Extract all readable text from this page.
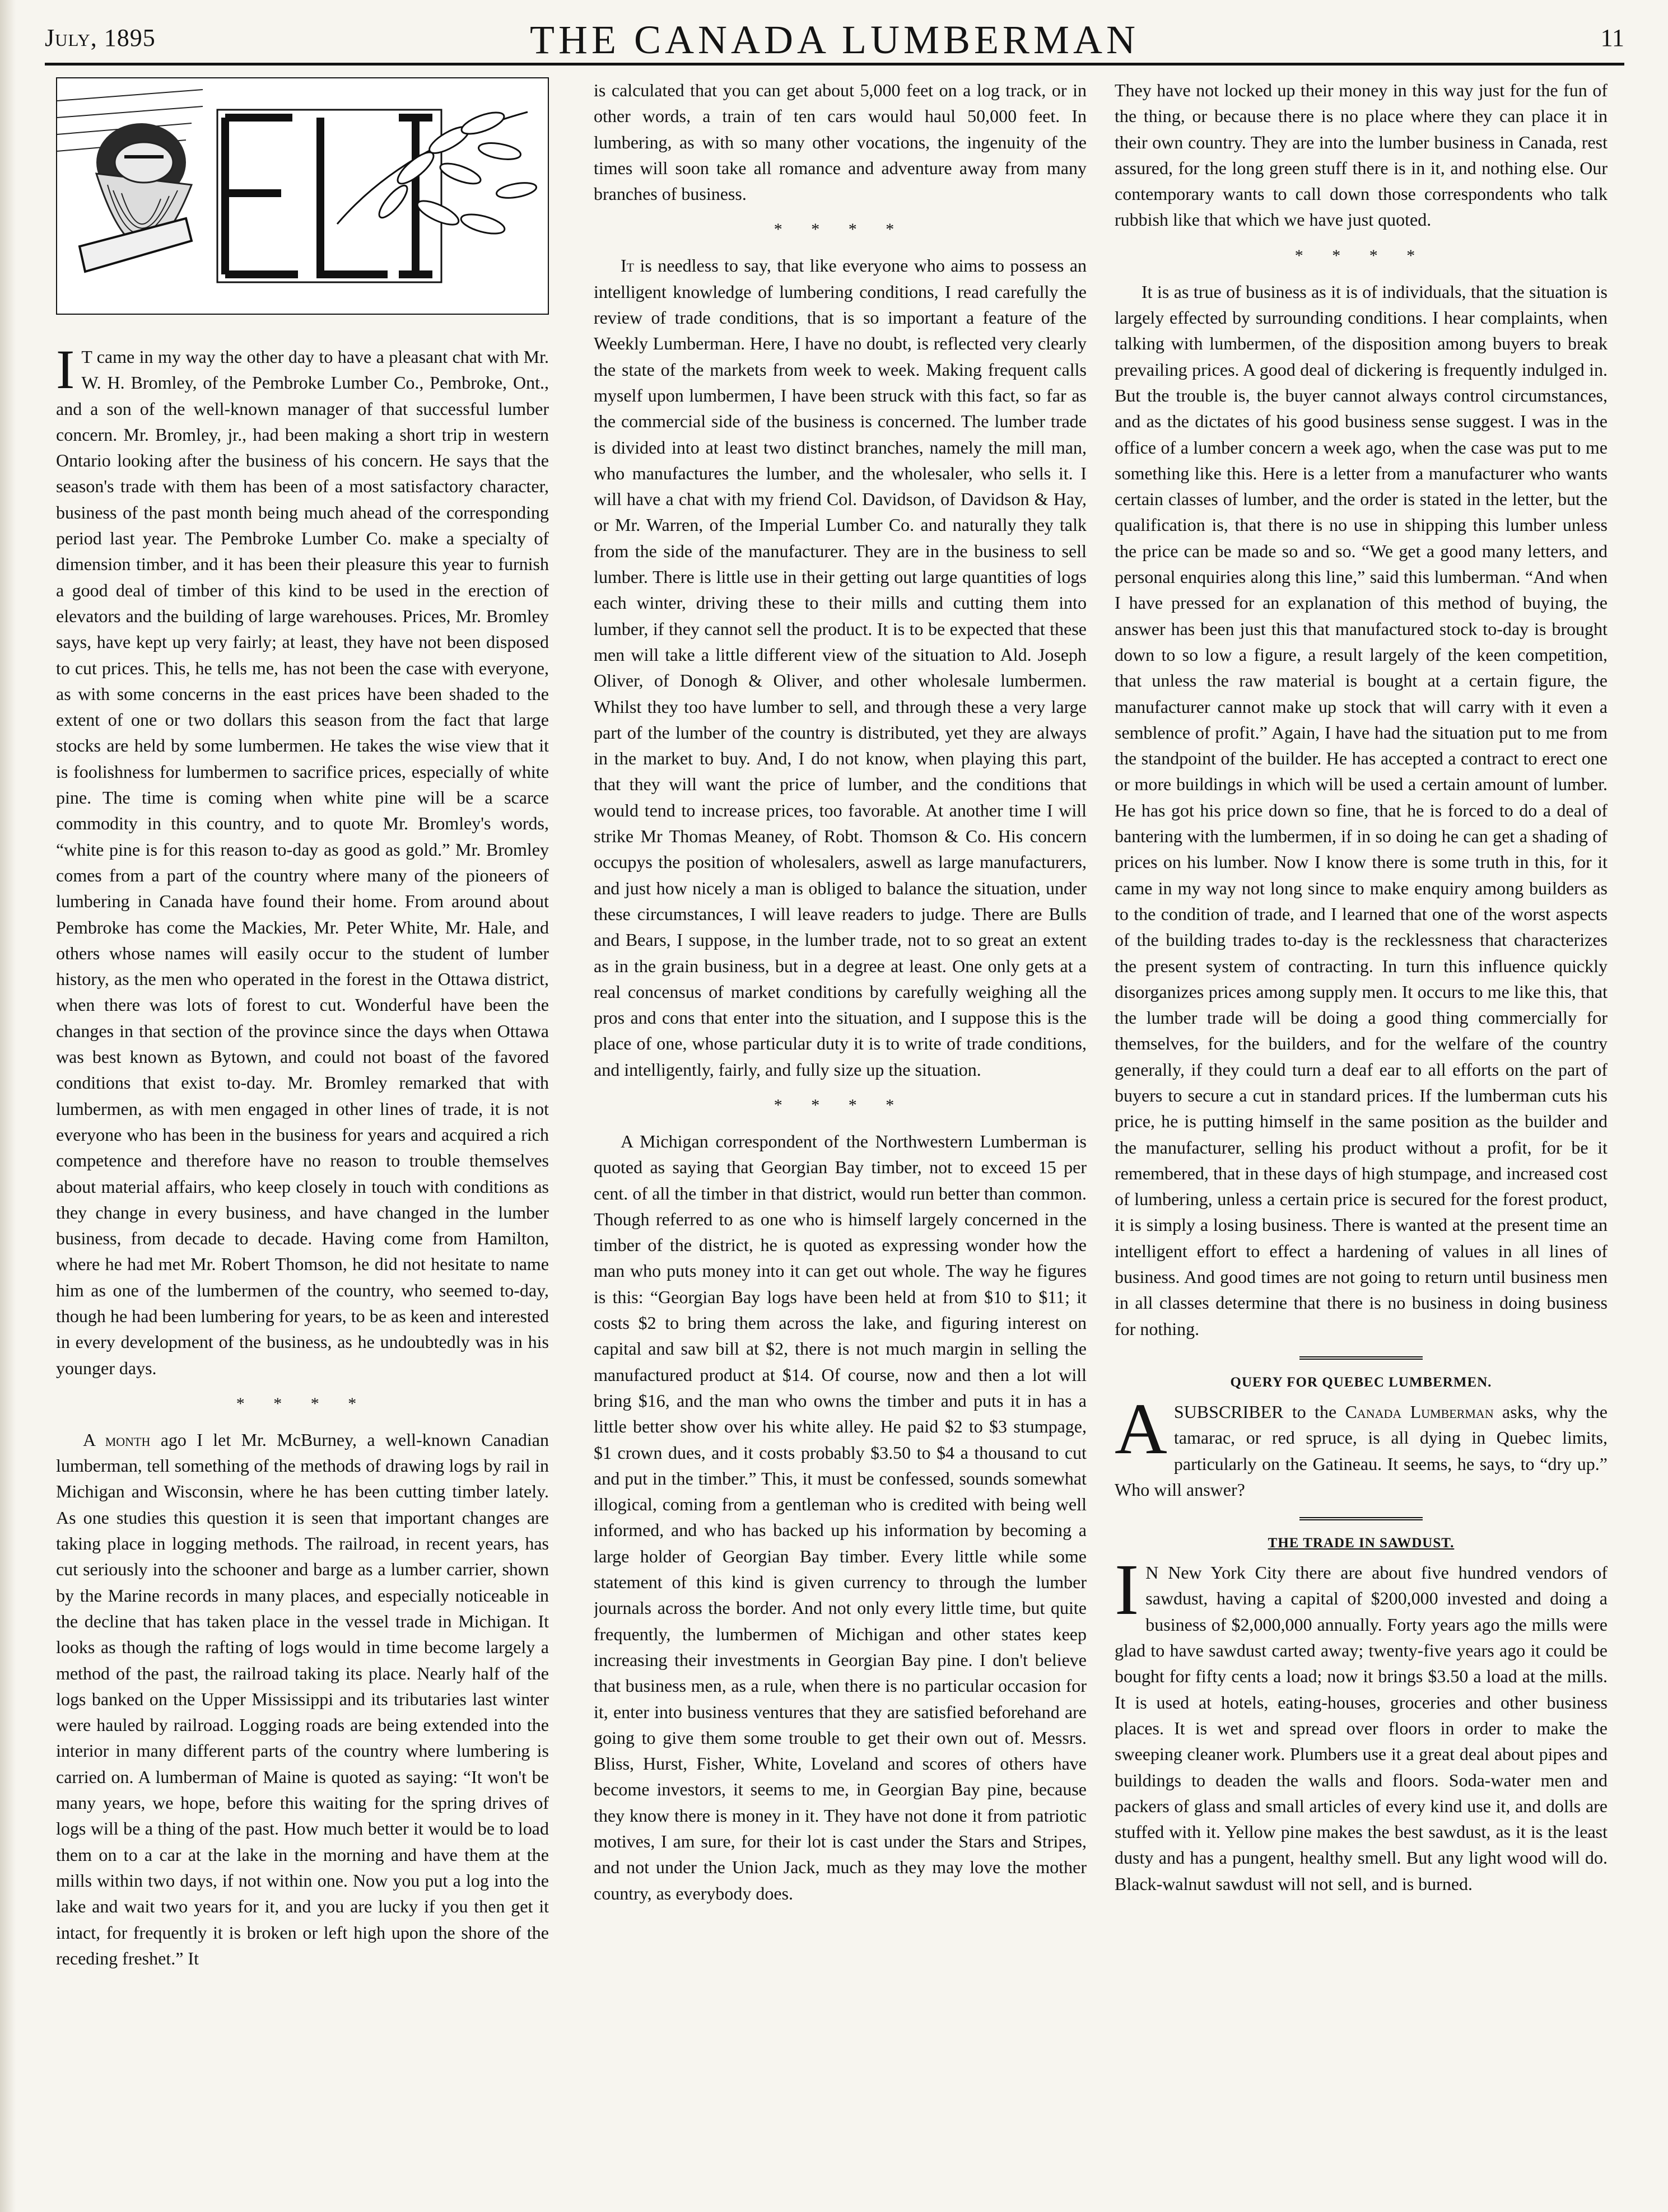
July, 1895	THE CANADA LUMBERMAN	11

I T came in my way the other day to have a pleasant chat with Mr. W. H. Bromley, of the Pembroke Lumber Co., Pembroke, Ont., and a son of the well-known manager of that successful lumber concern. Mr. Bromley, jr., had been making a short trip in western Ontario looking after the business of his concern. He says that the season's trade with them has been of a most satisfactory character, business of the past month being much ahead of the corresponding period last year. The Pembroke Lumber Co. make a specialty of dimension timber, and it has been their pleasure this year to furnish a good deal of timber of this kind to be used in the erection of elevators and the building of large warehouses. Prices, Mr. Bromley says, have kept up very fairly; at least, they have not been disposed to cut prices. This, he tells me, has not been the case with everyone, as with some concerns in the east prices have been shaded to the extent of one or two dollars this season from the fact that large stocks are held by some lumbermen. He takes the wise view that it is foolishness for lumbermen to sacrifice prices, especially of white pine. The time is coming when white pine will be a scarce commodity in this country, and to quote Mr. Bromley's words, “white pine is for this reason to-day as good as gold.” Mr. Bromley comes from a part of the country where many of the pioneers of lumbering in Canada have found their home. From around about Pembroke has come the Mackies, Mr. Peter White, Mr. Hale, and others whose names will easily occur to the student of lumber history, as the men who operated in the forest in the Ottawa district, when there was lots of forest to cut. Wonderful have been the changes in that section of the province since the days when Ottawa was best known as Bytown, and could not boast of the favored conditions that exist to-day. Mr. Bromley remarked that with lumbermen, as with men engaged in other lines of trade, it is not everyone who has been in the business for years and acquired a rich competence and therefore have no reason to trouble themselves about material affairs, who keep closely in touch with conditions as they change in every business, and have changed in the lumber business, from decade to decade. Having come from Hamilton, where he had met Mr. Robert Thomson, he did not hesitate to name him as one of the lumbermen of the country, who seemed to-day, though he had been lumbering for years, to be as keen and interested in every development of the business, as he undoubtedly was in his younger days.

* * * *

A month ago I let Mr. McBurney, a well-known Canadian lumberman, tell something of the methods of drawing logs by rail in Michigan and Wisconsin, where he has been cutting timber lately. As one studies this question it is seen that important changes are taking place in logging methods. The railroad, in recent years, has cut seriously into the schooner and barge as a lumber carrier, shown by the Marine records in many places, and especially noticeable in the decline that has taken place in the vessel trade in Michigan. It looks as though the rafting of logs would in time become largely a method of the past, the railroad taking its place. Nearly half of the logs banked on the Upper Mississippi and its tributaries last winter were hauled by railroad. Logging roads are being extended into the interior in many different parts of the country where lumbering is carried on. A lumberman of Maine is quoted as saying: “It won't be many years, we hope, before this waiting for the spring drives of logs will be a thing of the past. How much better it would be to load them on to a car at the lake in the morning and have them at the mills within two days, if not within one. Now you put a log into the lake and wait two years for it, and you are lucky if you then get it intact, for frequently it is broken or left high upon the shore of the receding freshet.” It

is calculated that you can get about 5,000 feet on a log track, or in other words, a train of ten cars would haul 50,000 feet. In lumbering, as with so many other vocations, the ingenuity of the times will soon take all romance and adventure away from many branches of business.

* * * *

It is needless to say, that like everyone who aims to possess an intelligent knowledge of lumbering conditions, I read carefully the review of trade conditions, that is so important a feature of the Weekly Lumberman. Here, I have no doubt, is reflected very clearly the state of the markets from week to week. Making frequent calls myself upon lumbermen, I have been struck with this fact, so far as the commercial side of the business is concerned. The lumber trade is divided into at least two distinct branches, namely the mill man, who manufactures the lumber, and the wholesaler, who sells it. I will have a chat with my friend Col. Davidson, of Davidson & Hay, or Mr. Warren, of the Imperial Lumber Co. and naturally they talk from the side of the manufacturer. They are in the business to sell lumber. There is little use in their getting out large quantities of logs each winter, driving these to their mills and cutting them into lumber, if they cannot sell the product. It is to be expected that these men will take a little different view of the situation to Ald. Joseph Oliver, of Donogh & Oliver, and other wholesale lumbermen. Whilst they too have lumber to sell, and through these a very large part of the lumber of the country is distributed, yet they are always in the market to buy. And, I do not know, when playing this part, that they will want the price of lumber, and the conditions that would tend to increase prices, too favorable. At another time I will strike Mr Thomas Meaney, of Robt. Thomson & Co. His concern occupys the position of wholesalers, aswell as large manufacturers, and just how nicely a man is obliged to balance the situation, under these circumstances, I will leave readers to judge. There are Bulls and Bears, I suppose, in the lumber trade, not to so great an extent as in the grain business, but in a degree at least. One only gets at a real concensus of market conditions by carefully weighing all the pros and cons that enter into the situation, and I suppose this is the place of one, whose particular duty it is to write of trade conditions, and intelligently, fairly, and fully size up the situation.

* * * *

A Michigan correspondent of the Northwestern Lumberman is quoted as saying that Georgian Bay timber, not to exceed 15 per cent. of all the timber in that district, would run better than common. Though referred to as one who is himself largely concerned in the timber of the district, he is quoted as expressing wonder how the man who puts money into it can get out whole. The way he figures is this: “Georgian Bay logs have been held at from $10 to $11; it costs $2 to bring them across the lake, and figuring interest on capital and saw bill at $2, there is not much margin in selling the manufactured product at $14. Of course, now and then a lot will bring $16, and the man who owns the timber and puts it in has a little better show over his white alley. He paid $2 to $3 stumpage, $1 crown dues, and it costs probably $3.50 to $4 a thousand to cut and put in the timber.” This, it must be confessed, sounds somewhat illogical, coming from a gentleman who is credited with being well informed, and who has backed up his information by becoming a large holder of Georgian Bay timber. Every little while some statement of this kind is given currency to through the lumber journals across the border. And not only every little time, but quite frequently, the lumbermen of Michigan and other states keep increasing their investments in Georgian Bay pine. I don't believe that business men, as a rule, when there is no particular occasion for it, enter into business ventures that they are satisfied beforehand are going to give them some trouble to get their own out of. Messrs. Bliss, Hurst, Fisher, White, Loveland and scores of others have become investors, it seems to me, in Georgian Bay pine, because they know there is money in it. They have not done it from patriotic motives, I am sure, for their lot is cast under the Stars and Stripes, and not under the Union Jack, much as they may love the mother country, as everybody does.

They have not locked up their money in this way just for the fun of the thing, or because there is no place where they can place it in their own country. They are into the lumber business in Canada, rest assured, for the long green stuff there is in it, and nothing else. Our contemporary wants to call down those correspondents who talk rubbish like that which we have just quoted.

* * * *

It is as true of business as it is of individuals, that the situation is largely effected by surrounding conditions. I hear complaints, when talking with lumbermen, of the disposition among buyers to break prevailing prices. A good deal of dickering is frequently indulged in. But the trouble is, the buyer cannot always control circumstances, and as the dictates of his good business sense suggest. I was in the office of a lumber concern a week ago, when the case was put to me something like this. Here is a letter from a manufacturer who wants certain classes of lumber, and the order is stated in the letter, but the qualification is, that there is no use in shipping this lumber unless the price can be made so and so. “We get a good many letters, and personal enquiries along this line,” said this lumberman. “And when I have pressed for an explanation of this method of buying, the answer has been just this that manufactured stock to-day is brought down to so low a figure, a result largely of the keen competition, that unless the raw material is bought at a certain figure, the manufacturer cannot make up stock that will carry with it even a semblence of profit.” Again, I have had the situation put to me from the standpoint of the builder. He has accepted a contract to erect one or more buildings in which will be used a certain amount of lumber. He has got his price down so fine, that he is forced to do a deal of bantering with the lumbermen, if in so doing he can get a shading of prices on his lumber. Now I know there is some truth in this, for it came in my way not long since to make enquiry among builders as to the condition of trade, and I learned that one of the worst aspects of the building trades to-day is the recklessness that characterizes the present system of contracting. In turn this influence quickly disorganizes prices among supply men. It occurs to me like this, that the lumber trade will be doing a good thing commercially for themselves, for the builders, and for the welfare of the country generally, if they could turn a deaf ear to all efforts on the part of buyers to secure a cut in standard prices. If the lumberman cuts his price, he is putting himself in the same position as the builder and the manufacturer, selling his product without a profit, for be it remembered, that in these days of high stumpage, and increased cost of lumbering, unless a certain price is secured for the forest product, it is simply a losing business. There is wanted at the present time an intelligent effort to effect a hardening of values in all lines of business. And good times are not going to return until business men in all classes determine that there is no business in doing business for nothing.

QUERY FOR QUEBEC LUMBERMEN.

A SUBSCRIBER to the Canada Lumberman asks, why the tamarac, or red spruce, is all dying in Quebec limits, particularly on the Gatineau. It seems, he says, to “dry up.” Who will answer?

THE TRADE IN SAWDUST.

I N New York City there are about five hundred vendors of sawdust, having a capital of $200,000 invested and doing a business of $2,000,000 annually. Forty years ago the mills were glad to have sawdust carted away; twenty-five years ago it could be bought for fifty cents a load; now it brings $3.50 a load at the mills. It is used at hotels, eating-houses, groceries and other business places. It is wet and spread over floors in order to make the sweeping cleaner work. Plumbers use it a great deal about pipes and buildings to deaden the walls and floors. Soda-water men and packers of glass and small articles of every kind use it, and dolls are stuffed with it. Yellow pine makes the best sawdust, as it is the least dusty and has a pungent, healthy smell. But any light wood will do. Black-walnut sawdust will not sell, and is burned.
